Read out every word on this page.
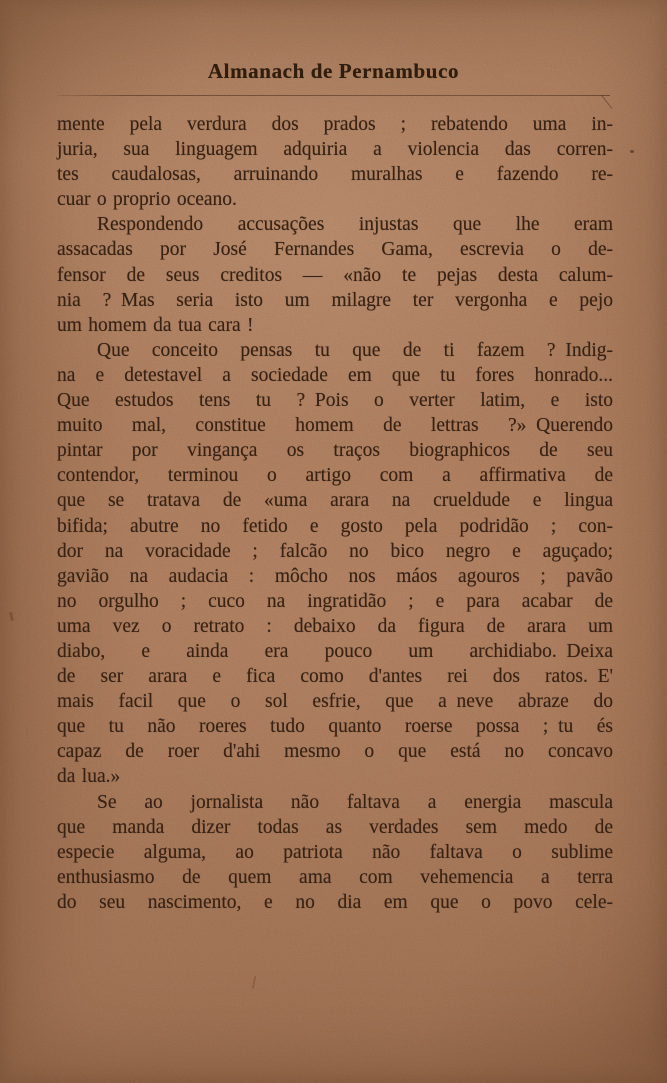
Almanach de Pernambuco
mente pela verdura dos prados ; rebatendo uma in-
juria, sua linguagem adquiria a violencia das corren-
tes caudalosas, arruinando muralhas e fazendo re-
cuar o proprio oceano.
Respondendo accusações injustas que lhe eram
assacadas por José Fernandes Gama, escrevia o de-
fensor de seus creditos — «não te pejas desta calum-
nia ? Mas seria isto um milagre ter vergonha e pejo
um homem da tua cara !
Que conceito pensas tu que de ti fazem ? Indig-
na e detestavel a sociedade em que tu fores honrado...
Que estudos tens tu ? Pois o verter latim, e isto
muito mal, constitue homem de lettras ?» Querendo
pintar por vingança os traços biographicos de seu
contendor, terminou o artigo com a affirmativa de
que se tratava de «uma arara na crueldude e lingua
bifida; abutre no fetido e gosto pela podridão ; con-
dor na voracidade ; falcão no bico negro e aguçado;
gavião na audacia : môcho nos máos agouros ; pavão
no orgulho ; cuco na ingratidão ; e para acabar de
uma vez o retrato : debaixo da figura de arara um
diabo, e ainda era pouco um archidiabo. Deixa
de ser arara e fica como d'antes rei dos ratos. E'
mais facil que o sol esfrie, que a neve abraze do
que tu não roeres tudo quanto roerse possa ; tu és
capaz de roer d'ahi mesmo o que está no concavo
da lua.»
Se ao jornalista não faltava a energia mascula
que manda dizer todas as verdades sem medo de
especie alguma, ao patriota não faltava o sublime
enthusiasmo de quem ama com vehemencia a terra
do seu nascimento, e no dia em que o povo cele-
